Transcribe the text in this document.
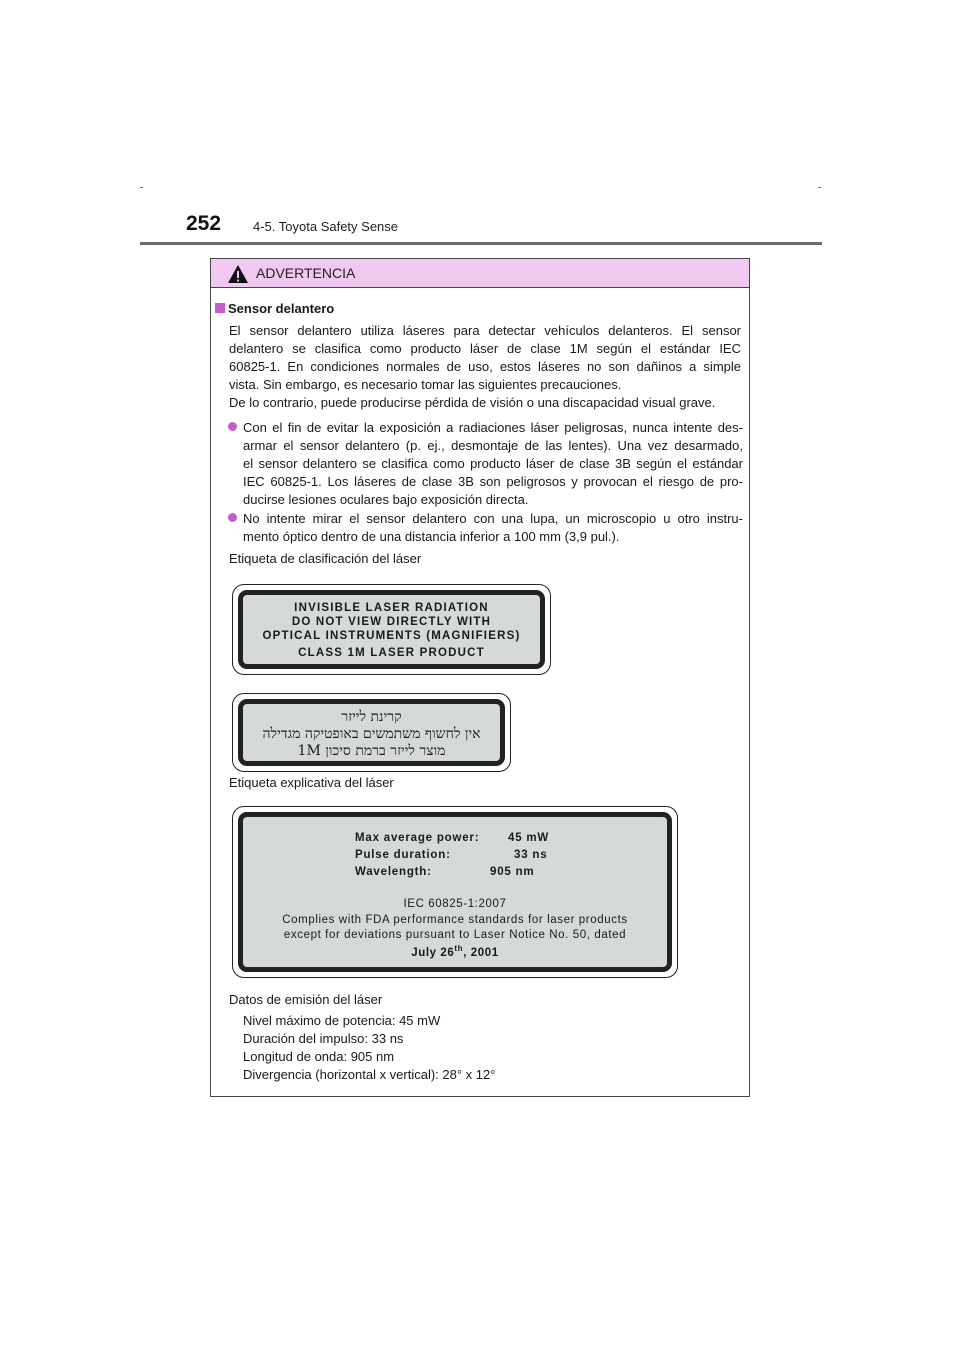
252 4-5. Toyota Safety Sense
ADVERTENCIA
Sensor delantero
El sensor delantero utiliza láseres para detectar vehículos delanteros. El sensor
delantero se clasifica como producto láser de clase 1M según el estándar IEC
60825-1. En condiciones normales de uso, estos láseres no son dañinos a simple
vista. Sin embargo, es necesario tomar las siguientes precauciones.
De lo contrario, puede producirse pérdida de visión o una discapacidad visual grave.
Con el fin de evitar la exposición a radiaciones láser peligrosas, nunca intente des-
armar el sensor delantero (p. ej., desmontaje de las lentes). Una vez desarmado,
el sensor delantero se clasifica como producto láser de clase 3B según el estándar
IEC 60825-1. Los láseres de clase 3B son peligrosos y provocan el riesgo de pro-
ducirse lesiones oculares bajo exposición directa.
No intente mirar el sensor delantero con una lupa, un microscopio u otro instru-
mento óptico dentro de una distancia inferior a 100 mm (3,9 pul.).
Etiqueta de clasificación del láser
INVISIBLE LASER RADIATION
DO NOT VIEW DIRECTLY WITH
OPTICAL INSTRUMENTS (MAGNIFIERS)
CLASS 1M LASER PRODUCT
קרינת לייזר
אין לחשוף משתמשים באופטיקה מגדילה
מוצר לייזר ברמת סיכון 1M
Etiqueta explicativa del láser
Max average power: 45 mW
Pulse duration:	33 ns
Wavelength:	905 nm
IEC 60825-1:2007
Complies with FDA performance standards for laser products
except for deviations pursuant to Laser Notice No. 50, dated
July 26th, 2001
Datos de emisión del láser
Nivel máximo de potencia: 45 mW
Duración del impulso: 33 ns
Longitud de onda: 905 nm
Divergencia (horizontal x vertical): 28° x 12°
